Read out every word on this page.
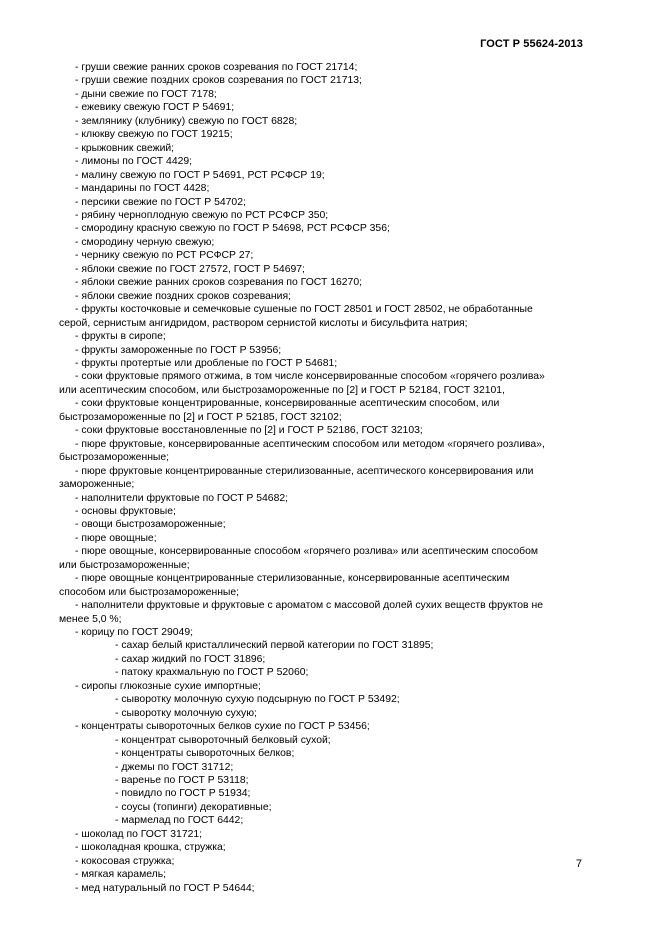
ГОСТ Р 55624-2013
- груши свежие ранних сроков созревания по ГОСТ 21714;
- груши свежие поздних сроков созревания по ГОСТ 21713;
- дыни свежие по ГОСТ 7178;
- ежевику свежую ГОСТ Р 54691;
- землянику (клубнику) свежую по ГОСТ 6828;
- клюкву свежую по ГОСТ 19215;
- крыжовник свежий;
- лимоны по ГОСТ 4429;
- малину свежую по ГОСТ Р 54691, РСТ РСФСР 19;
- мандарины по ГОСТ 4428;
- персики свежие по ГОСТ Р 54702;
- рябину черноплодную свежую по РСТ РСФСР 350;
- смородину красную свежую по ГОСТ Р 54698, РСТ РСФСР 356;
- смородину черную свежую;
- чернику свежую по РСТ РСФСР 27;
- яблоки свежие по ГОСТ 27572, ГОСТ Р 54697;
- яблоки свежие ранних сроков созревания по ГОСТ 16270;
- яблоки свежие поздних сроков созревания;
- фрукты косточковые и семечковые сушеные по ГОСТ 28501 и ГОСТ 28502, не обработанные
серой, сернистым ангидридом, раствором сернистой кислоты и бисульфита натрия;
- фрукты в сиропе;
- фрукты замороженные по ГОСТ Р 53956;
- фрукты протертые или дробленые по ГОСТ Р 54681;
- соки фруктовые прямого отжима, в том числе консервированные способом «горячего розлива»
или асептическим способом, или быстрозамороженные по [2] и ГОСТ Р 52184, ГОСТ 32101,
- соки фруктовые концентрированные, консервированные асептическим способом, или
быстрозамороженные по [2] и ГОСТ Р 52185, ГОСТ 32102;
- соки фруктовые восстановленные по [2] и ГОСТ Р 52186, ГОСТ 32103;
- пюре фруктовые, консервированные асептическим способом или методом «горячего розлива»,
быстрозамороженные;
- пюре фруктовые концентрированные стерилизованные, асептического консервирования или
замороженные;
- наполнители фруктовые по ГОСТ Р 54682;
- основы фруктовые;
- овощи быстрозамороженные;
- пюре овощные;
- пюре овощные, консервированные способом «горячего розлива» или асептическим способом
или быстрозамороженные;
- пюре овощные концентрированные стерилизованные, консервированные асептическим
способом или быстрозамороженные;
- наполнители фруктовые и фруктовые с ароматом с массовой долей сухих веществ фруктов не
менее 5,0 %;
- корицу по ГОСТ 29049;
- сахар белый кристаллический первой категории по ГОСТ 31895;
- сахар жидкий по ГОСТ 31896;
- патоку крахмальную по ГОСТ Р 52060;
- сиропы глюкозные сухие импортные;
- сыворотку молочную сухую подсырную по ГОСТ Р 53492;
- сыворотку молочную сухую;
- концентраты сывороточных белков сухие по ГОСТ Р 53456;
- концентрат сывороточный белковый сухой;
- концентраты сывороточных белков;
- джемы по ГОСТ 31712;
- варенье по ГОСТ Р 53118;
- повидло по ГОСТ Р 51934;
- соусы (топинги) декоративные;
- мармелад по ГОСТ 6442;
- шоколад по ГОСТ 31721;
- шоколадная крошка, стружка;
- кокосовая стружка;
- мягкая карамель;
- мед натуральный по ГОСТ Р 54644;
7
